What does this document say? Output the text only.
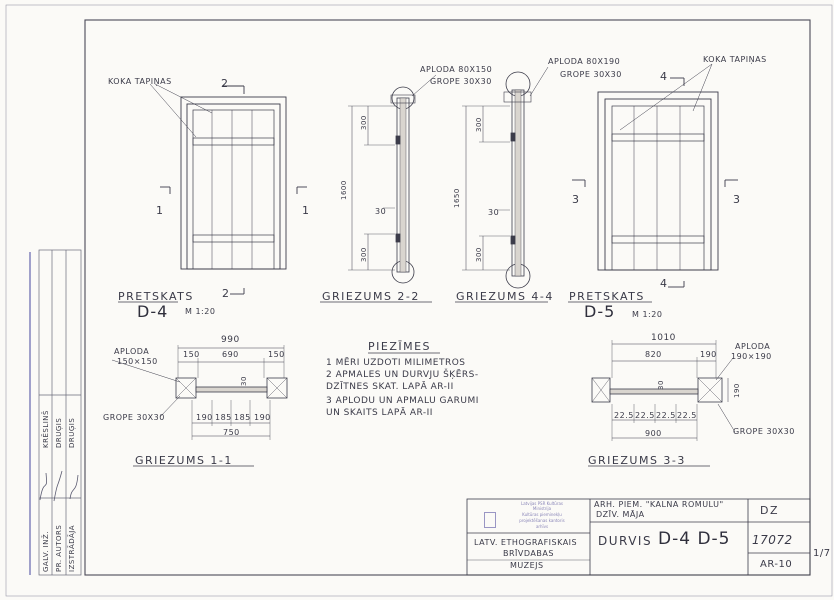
KOKA TAPIŅAS	2
1	1
2
PRETSKATS
D-4 M 1:20
KOKA TAPIŅAS
4
3	3
4
PRETSKATS
D-5 M 1:20
APLODA 80X150
GROPE 30X30
1600
300
30
300
GRIEZUMS 2-2
APLODA 80X190
GROPE 30X30
1650
300
30
300
GRIEZUMS 4-4
990
APLODA
150×150
150	690	150
30
GROPE 30X30	190 185 185 190
750
GRIEZUMS 1-1
PIEZĪMES
1 MĒRI UZDOTI MILIMETROS
2 APMALES UN DURVJU ŠĶĒRS-
DZĪTNES SKAT. LAPĀ AR-II
3 APLODU UN APMALU GARUMI
UN SKAITS LAPĀ AR-II
1010
820	190
APLODA
190×190
190
30
22.5 22.5 22.5 22.5
900	GROPE 30X30
GRIEZUMS 3-3
Latvijas PSR Kultūras
Ministrija
Kultūras pieminekļu
projektēšanas kantoris
arhīvs
LATV. ETHOGRAFISKAIS
BRĪVDABAS
MUZEJS
ARH. PIEM. "KALNA ROMULU"
DZĪV. MĀJA
DURVIS D-4 D-5
DZ
17072
AR-10
1/7
GALV. INŽ. PR. AUTORS IZSTRĀDĀJA
KRĒSLINŠ DRUĢIS DRUĢIS
